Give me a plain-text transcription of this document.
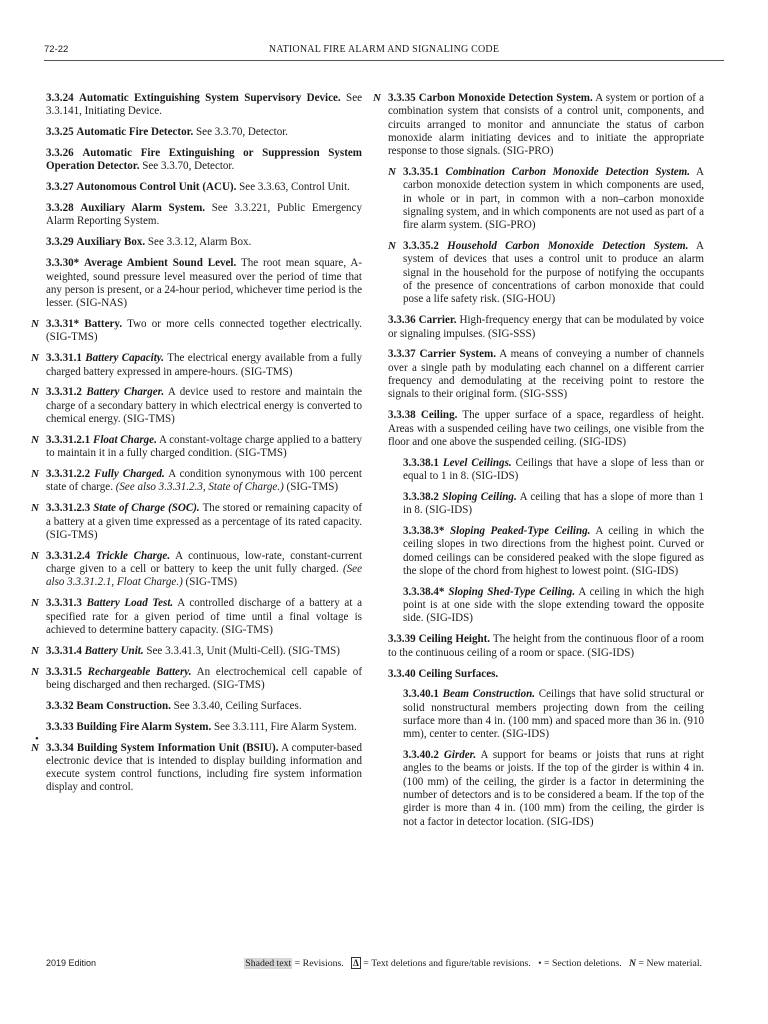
72-22	NATIONAL FIRE ALARM AND SIGNALING CODE

3.3.24 Automatic Extinguishing System Supervisory Device. See 3.3.141, Initiating Device.

3.3.25 Automatic Fire Detector. See 3.3.70, Detector.

3.3.26 Automatic Fire Extinguishing or Suppression System Operation Detector. See 3.3.70, Detector.

3.3.27 Autonomous Control Unit (ACU). See 3.3.63, Control Unit.

3.3.28 Auxiliary Alarm System. See 3.3.221, Public Emergency Alarm Reporting System.

3.3.29 Auxiliary Box. See 3.3.12, Alarm Box.

3.3.30* Average Ambient Sound Level. The root mean square, A-weighted, sound pressure level measured over the period of time that any person is present, or a 24-hour period, whichever time period is the lesser. (SIG-NAS)

N 3.3.31* Battery. Two or more cells connected together electrically. (SIG-TMS)

N 3.3.31.1 Battery Capacity. The electrical energy available from a fully charged battery expressed in ampere-hours. (SIG-TMS)

N 3.3.31.2 Battery Charger. A device used to restore and maintain the charge of a secondary battery in which electrical energy is converted to chemical energy. (SIG-TMS)

N 3.3.31.2.1 Float Charge. A constant-voltage charge applied to a battery to maintain it in a fully charged condition. (SIG-TMS)

N 3.3.31.2.2 Fully Charged. A condition synonymous with 100 percent state of charge. (See also 3.3.31.2.3, State of Charge.) (SIG-TMS)

N 3.3.31.2.3 State of Charge (SOC). The stored or remaining capacity of a battery at a given time expressed as a percentage of its rated capacity. (SIG-TMS)

N 3.3.31.2.4 Trickle Charge. A continuous, low-rate, constant-current charge given to a cell or battery to keep the unit fully charged. (See also 3.3.31.2.1, Float Charge.) (SIG-TMS)

N 3.3.31.3 Battery Load Test. A controlled discharge of a battery at a specified rate for a given period of time until a final voltage is achieved to determine battery capacity. (SIG-TMS)

N 3.3.31.4 Battery Unit. See 3.3.41.3, Unit (Multi-Cell). (SIG-TMS)

N 3.3.31.5 Rechargeable Battery. An electrochemical cell capable of being discharged and then recharged. (SIG-TMS)

3.3.32 Beam Construction. See 3.3.40, Ceiling Surfaces.

3.3.33 Building Fire Alarm System. See 3.3.111, Fire Alarm System.

•
N 3.3.34 Building System Information Unit (BSIU). A computer-based electronic device that is intended to display building information and execute system control functions, including fire system information display and control.

N 3.3.35 Carbon Monoxide Detection System. A system or portion of a combination system that consists of a control unit, components, and circuits arranged to monitor and annunciate the status of carbon monoxide alarm initiating devices and to initiate the appropriate response to those signals. (SIG-PRO)

N 3.3.35.1 Combination Carbon Monoxide Detection System. A carbon monoxide detection system in which components are used, in whole or in part, in common with a non–carbon monoxide signaling system, and in which components are not used as part of a fire alarm system. (SIG-PRO)

N 3.3.35.2 Household Carbon Monoxide Detection System. A system of devices that uses a control unit to produce an alarm signal in the household for the purpose of notifying the occupants of the presence of concentrations of carbon monoxide that could pose a life safety risk. (SIG-HOU)

3.3.36 Carrier. High-frequency energy that can be modulated by voice or signaling impulses. (SIG-SSS)

3.3.37 Carrier System. A means of conveying a number of channels over a single path by modulating each channel on a different carrier frequency and demodulating at the receiving point to restore the signals to their original form. (SIG-SSS)

3.3.38 Ceiling. The upper surface of a space, regardless of height. Areas with a suspended ceiling have two ceilings, one visible from the floor and one above the suspended ceiling. (SIG-IDS)

3.3.38.1 Level Ceilings. Ceilings that have a slope of less than or equal to 1 in 8. (SIG-IDS)

3.3.38.2 Sloping Ceiling. A ceiling that has a slope of more than 1 in 8. (SIG-IDS)

3.3.38.3* Sloping Peaked-Type Ceiling. A ceiling in which the ceiling slopes in two directions from the highest point. Curved or domed ceilings can be considered peaked with the slope figured as the slope of the chord from highest to lowest point. (SIG-IDS)

3.3.38.4* Sloping Shed-Type Ceiling. A ceiling in which the high point is at one side with the slope extending toward the opposite side. (SIG-IDS)

3.3.39 Ceiling Height. The height from the continuous floor of a room to the continuous ceiling of a room or space. (SIG-IDS)

3.3.40 Ceiling Surfaces.

3.3.40.1 Beam Construction. Ceilings that have solid structural or solid nonstructural members projecting down from the ceiling surface more than 4 in. (100 mm) and spaced more than 36 in. (910 mm), center to center. (SIG-IDS)

3.3.40.2 Girder. A support for beams or joists that runs at right angles to the beams or joists. If the top of the girder is within 4 in. (100 mm) of the ceiling, the girder is a factor in determining the number of detectors and is to be considered a beam. If the top of the girder is more than 4 in. (100 mm) from the ceiling, the girder is not a factor in detector location. (SIG-IDS)

2019 Edition	Shaded text = Revisions. Δ = Text deletions and figure/table revisions. • = Section deletions. N = New material.
